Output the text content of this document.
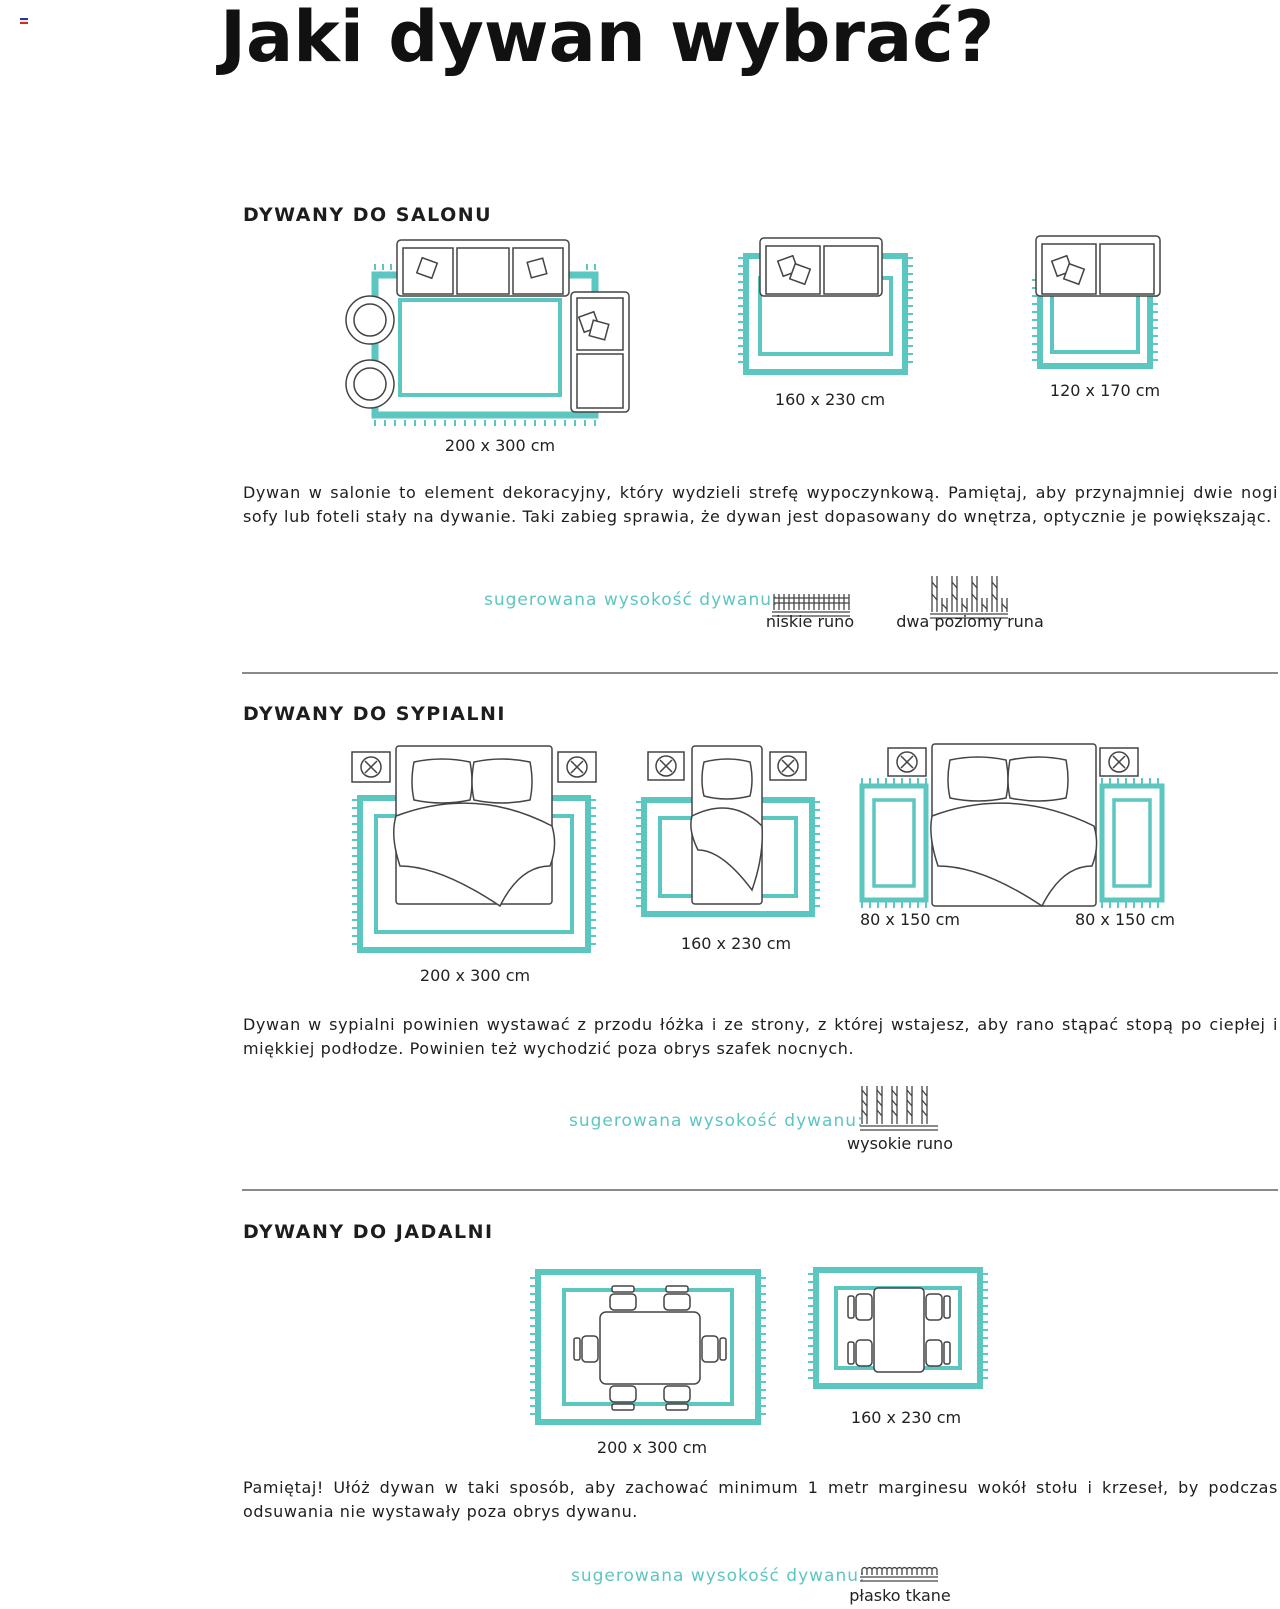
Jaki dywan wybrać?
DYWANY DO SALONU
200 x 300 cm
160 x 230 cm	120 x 170 cm
Dywan w salonie to element dekoracyjny, który wydzieli strefę wypoczynkową. Pamiętaj, aby przynajmniej dwie nogi sofy lub foteli stały na dywanie. Taki zabieg sprawia, że dywan jest dopasowany do wnętrza, optycznie je powiększając.
sugerowana wysokość dywanu:
niskie runo	dwa poziomy runa
DYWANY DO SYPIALNI
200 x 300 cm
160 x 230 cm
80 x 150 cm	80 x 150 cm
Dywan w sypialni powinien wystawać z przodu łóżka i ze strony, z której wstajesz, aby rano stąpać stopą po ciepłej i miękkiej podłodze. Powinien też wychodzić poza obrys szafek nocnych.
sugerowana wysokość dywanu:
wysokie runo
DYWANY DO JADALNI
200 x 300 cm
160 x 230 cm
Pamiętaj! Ułóż dywan w taki sposób, aby zachować minimum 1 metr marginesu wokół stołu i krzeseł, by podczas odsuwania nie wystawały poza obrys dywanu.
sugerowana wysokość dywanu:
płasko tkane
